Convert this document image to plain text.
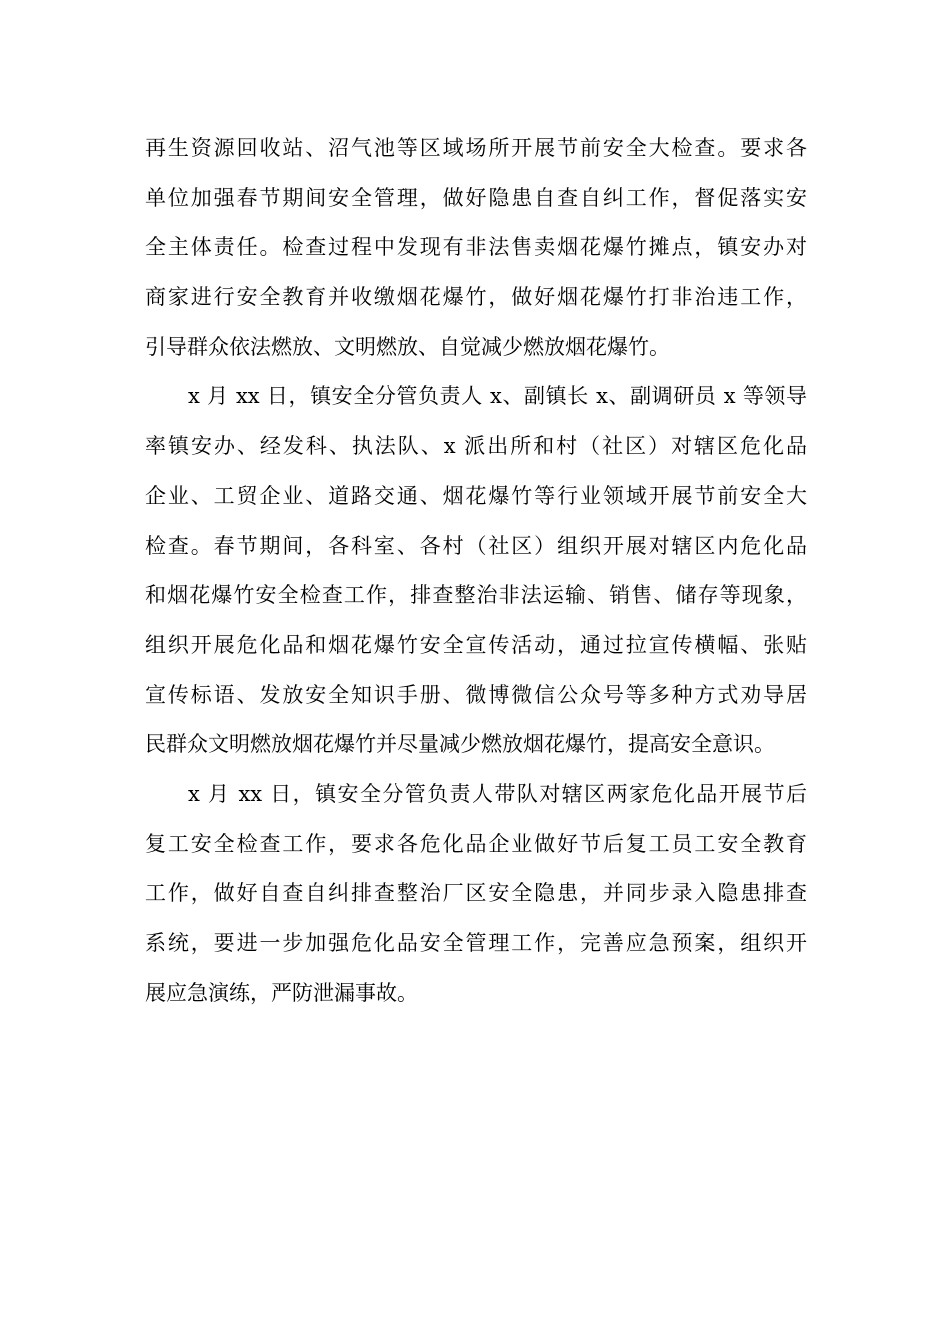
再生资源回收站、沼气池等区域场所开展节前安全大检查。要求各
单位加强春节期间安全管理，做好隐患自查自纠工作，督促落实安
全主体责任。检查过程中发现有非法售卖烟花爆竹摊点，镇安办对
商家进行安全教育并收缴烟花爆竹，做好烟花爆竹打非治违工作，
引导群众依法燃放、文明燃放、自觉减少燃放烟花爆竹。
x 月 xx 日，镇安全分管负责人 x、副镇长 x、副调研员 x 等领导
率镇安办、经发科、执法队、x 派出所和村（社区）对辖区危化品
企业、工贸企业、道路交通、烟花爆竹等行业领域开展节前安全大
检查。春节期间，各科室、各村（社区）组织开展对辖区内危化品
和烟花爆竹安全检查工作，排查整治非法运输、销售、储存等现象，
组织开展危化品和烟花爆竹安全宣传活动，通过拉宣传横幅、张贴
宣传标语、发放安全知识手册、微博微信公众号等多种方式劝导居
民群众文明燃放烟花爆竹并尽量减少燃放烟花爆竹，提高安全意识。
x 月 xx 日，镇安全分管负责人带队对辖区两家危化品开展节后
复工安全检查工作，要求各危化品企业做好节后复工员工安全教育
工作，做好自查自纠排查整治厂区安全隐患，并同步录入隐患排查
系统，要进一步加强危化品安全管理工作，完善应急预案，组织开
展应急演练，严防泄漏事故。
